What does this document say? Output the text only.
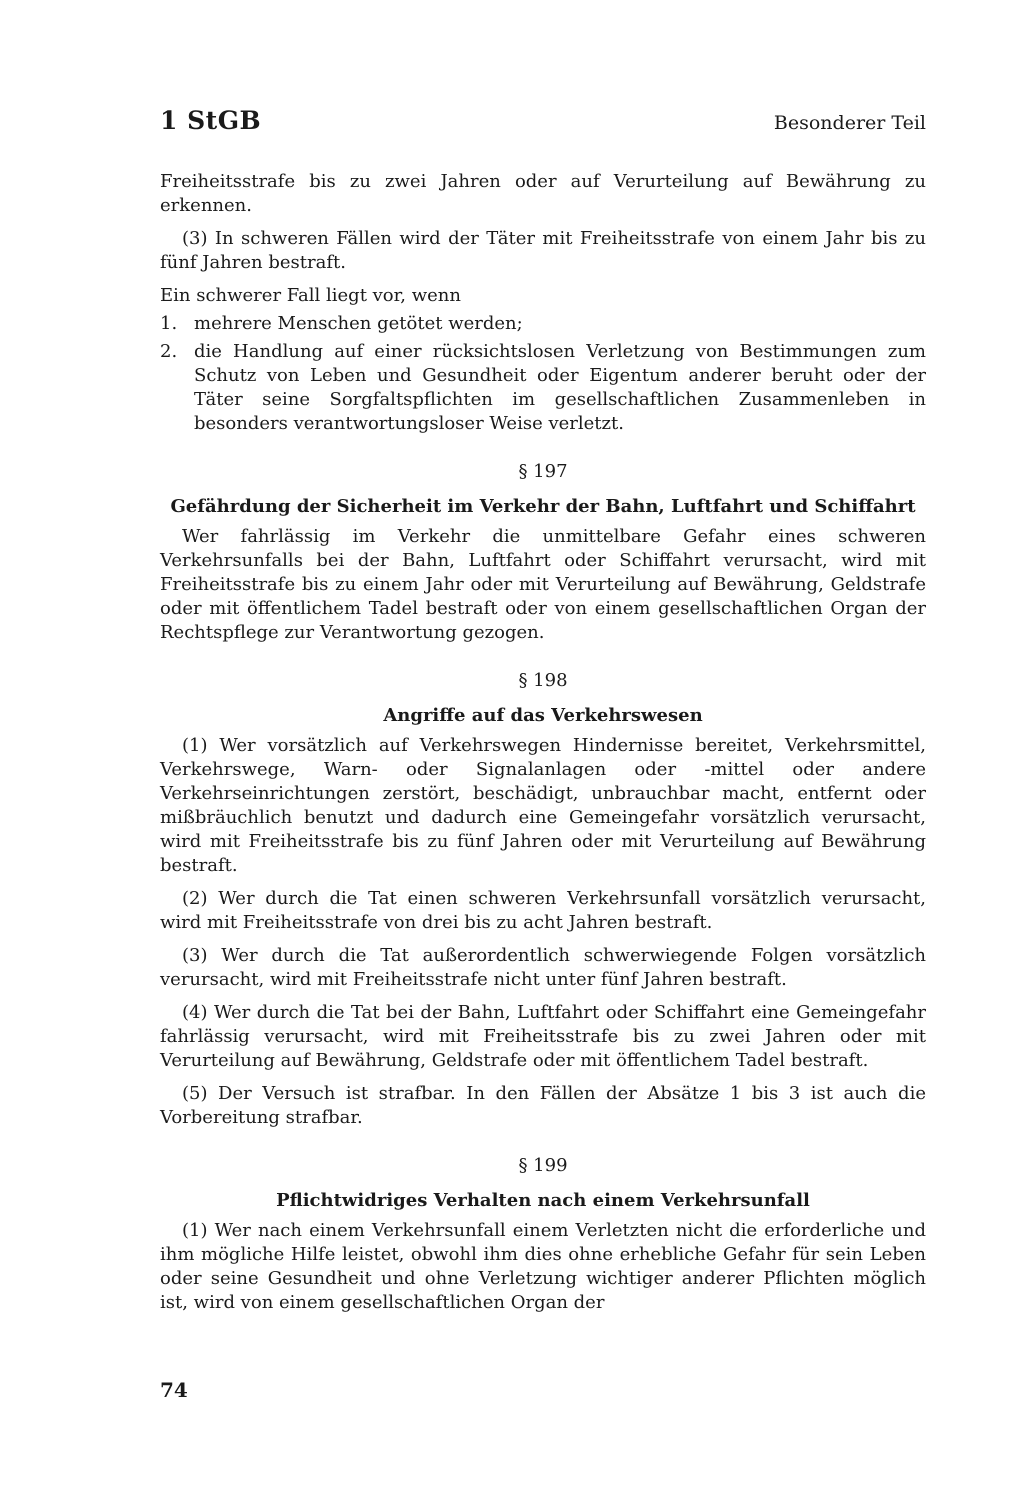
1 StGB	Besonderer Teil

Freiheitsstrafe bis zu zwei Jahren oder auf Verurteilung auf Bewährung zu erkennen.

(3) In schweren Fällen wird der Täter mit Freiheitsstrafe von einem Jahr bis zu fünf Jahren bestraft.

Ein schwerer Fall liegt vor, wenn

1. mehrere Menschen getötet werden;
2. die Handlung auf einer rücksichtslosen Verletzung von Bestimmungen zum Schutz von Leben und Gesundheit oder Eigentum anderer beruht oder der Täter seine Sorgfaltspflichten im gesellschaftlichen Zusammenleben in besonders verantwortungsloser Weise verletzt.
§ 197
Gefährdung der Sicherheit im Verkehr der Bahn, Luftfahrt und Schiffahrt

Wer fahrlässig im Verkehr die unmittelbare Gefahr eines schweren Verkehrsunfalls bei der Bahn, Luftfahrt oder Schiffahrt verursacht, wird mit Freiheitsstrafe bis zu einem Jahr oder mit Verurteilung auf Bewährung, Geldstrafe oder mit öffentlichem Tadel bestraft oder von einem gesellschaftlichen Organ der Rechtspflege zur Verantwortung gezogen.

§ 198
Angriffe auf das Verkehrswesen

(1) Wer vorsätzlich auf Verkehrswegen Hindernisse bereitet, Verkehrsmittel, Verkehrswege, Warn- oder Signalanlagen oder -mittel oder andere Verkehrseinrichtungen zerstört, beschädigt, unbrauchbar macht, entfernt oder mißbräuchlich benutzt und dadurch eine Gemeingefahr vorsätzlich verursacht, wird mit Freiheitsstrafe bis zu fünf Jahren oder mit Verurteilung auf Bewährung bestraft.

(2) Wer durch die Tat einen schweren Verkehrsunfall vorsätzlich verursacht, wird mit Freiheitsstrafe von drei bis zu acht Jahren bestraft.

(3) Wer durch die Tat außerordentlich schwerwiegende Folgen vorsätzlich verursacht, wird mit Freiheitsstrafe nicht unter fünf Jahren bestraft.

(4) Wer durch die Tat bei der Bahn, Luftfahrt oder Schiffahrt eine Gemeingefahr fahrlässig verursacht, wird mit Freiheitsstrafe bis zu zwei Jahren oder mit Verurteilung auf Bewährung, Geldstrafe oder mit öffentlichem Tadel bestraft.

(5) Der Versuch ist strafbar. In den Fällen der Absätze 1 bis 3 ist auch die Vorbereitung strafbar.

§ 199
Pflichtwidriges Verhalten nach einem Verkehrsunfall

(1) Wer nach einem Verkehrsunfall einem Verletzten nicht die erforderliche und ihm mögliche Hilfe leistet, obwohl ihm dies ohne erhebliche Gefahr für sein Leben oder seine Gesundheit und ohne Verletzung wichtiger anderer Pflichten möglich ist, wird von einem gesellschaftlichen Organ der

74
